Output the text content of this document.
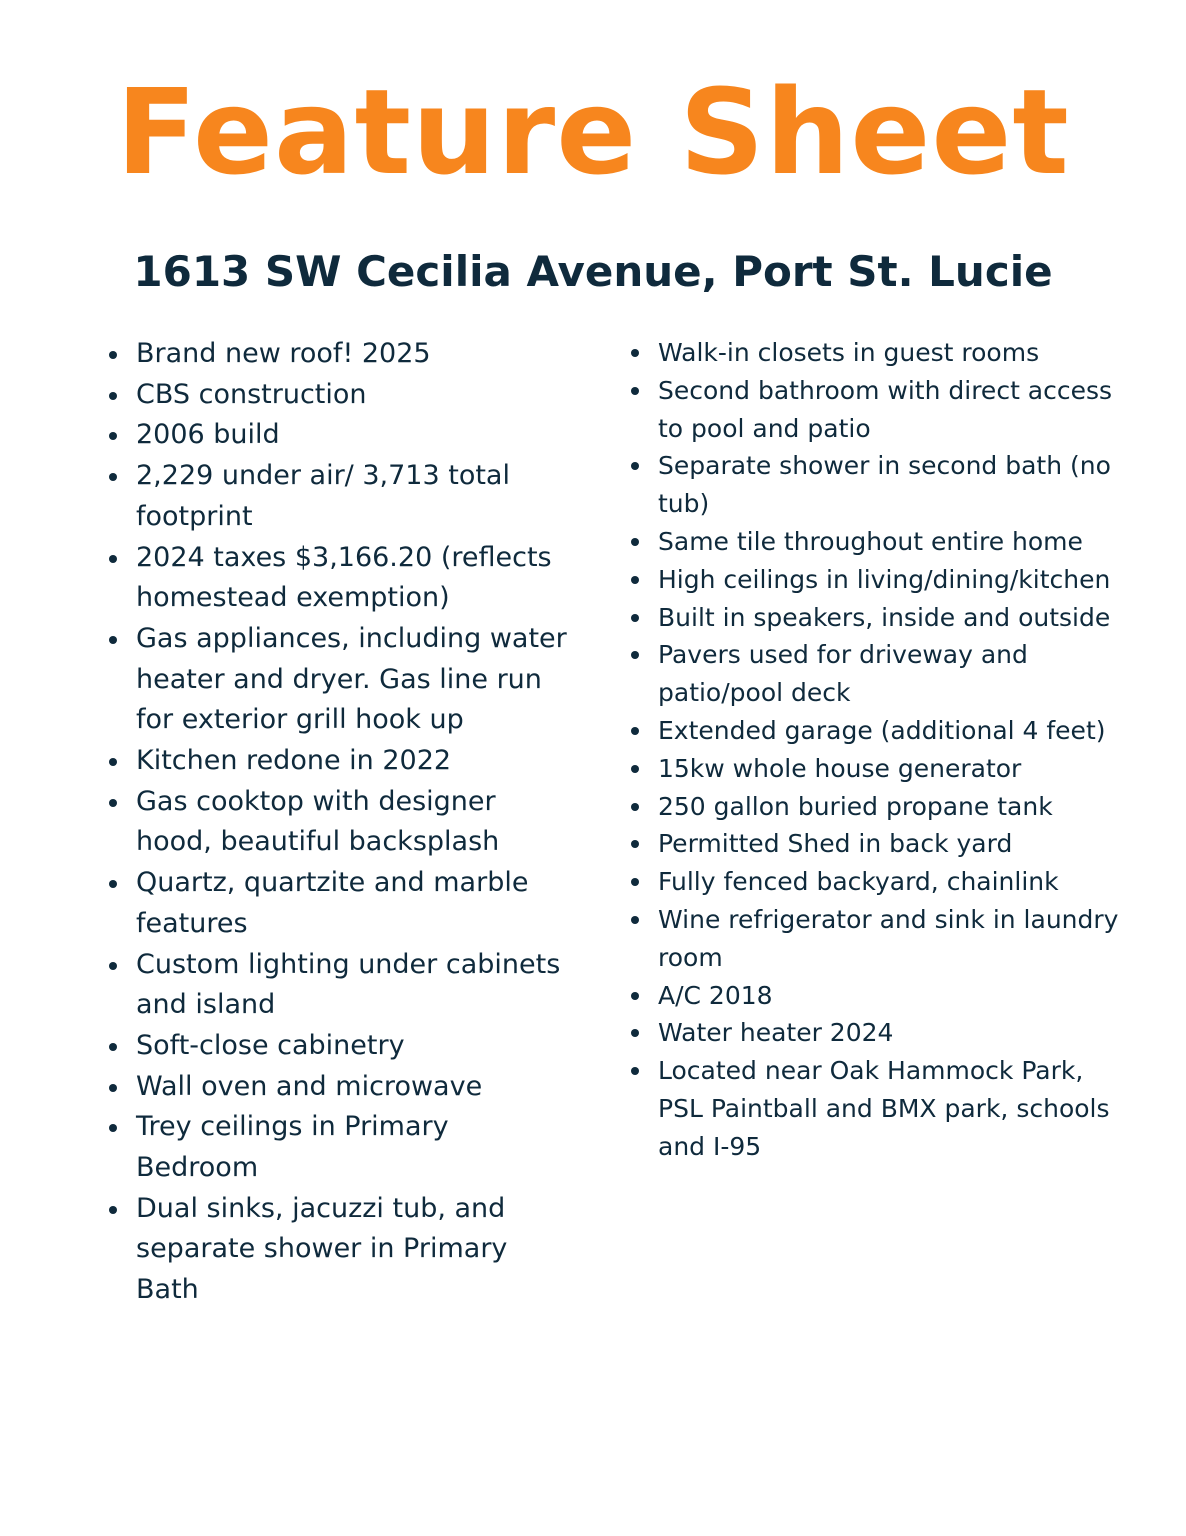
Feature Sheet
1613 SW Cecilia Avenue, Port St. Lucie
Brand new roof! 2025
CBS construction
2006 build
2,229 under air/ 3,713 total footprint
2024 taxes $3,166.20 (reflects homestead exemption)
Gas appliances, including water heater and dryer. Gas line run for exterior grill hook up
Kitchen redone in 2022
Gas cooktop with designer hood, beautiful backsplash
Quartz, quartzite and marble features
Custom lighting under cabinets and island
Soft-close cabinetry
Wall oven and microwave
Trey ceilings in Primary Bedroom
Dual sinks, jacuzzi tub, and separate shower in Primary Bath
Walk-in closets in guest rooms
Second bathroom with direct access to pool and patio
Separate shower in second bath (no tub)
Same tile throughout entire home
High ceilings in living/dining/kitchen
Built in speakers, inside and outside
Pavers used for driveway and patio/pool deck
Extended garage (additional 4 feet)
15kw whole house generator
250 gallon buried propane tank
Permitted Shed in back yard
Fully fenced backyard, chainlink
Wine refrigerator and sink in laundry room
A/C 2018
Water heater 2024
Located near Oak Hammock Park, PSL Paintball and BMX park, schools and I-95
